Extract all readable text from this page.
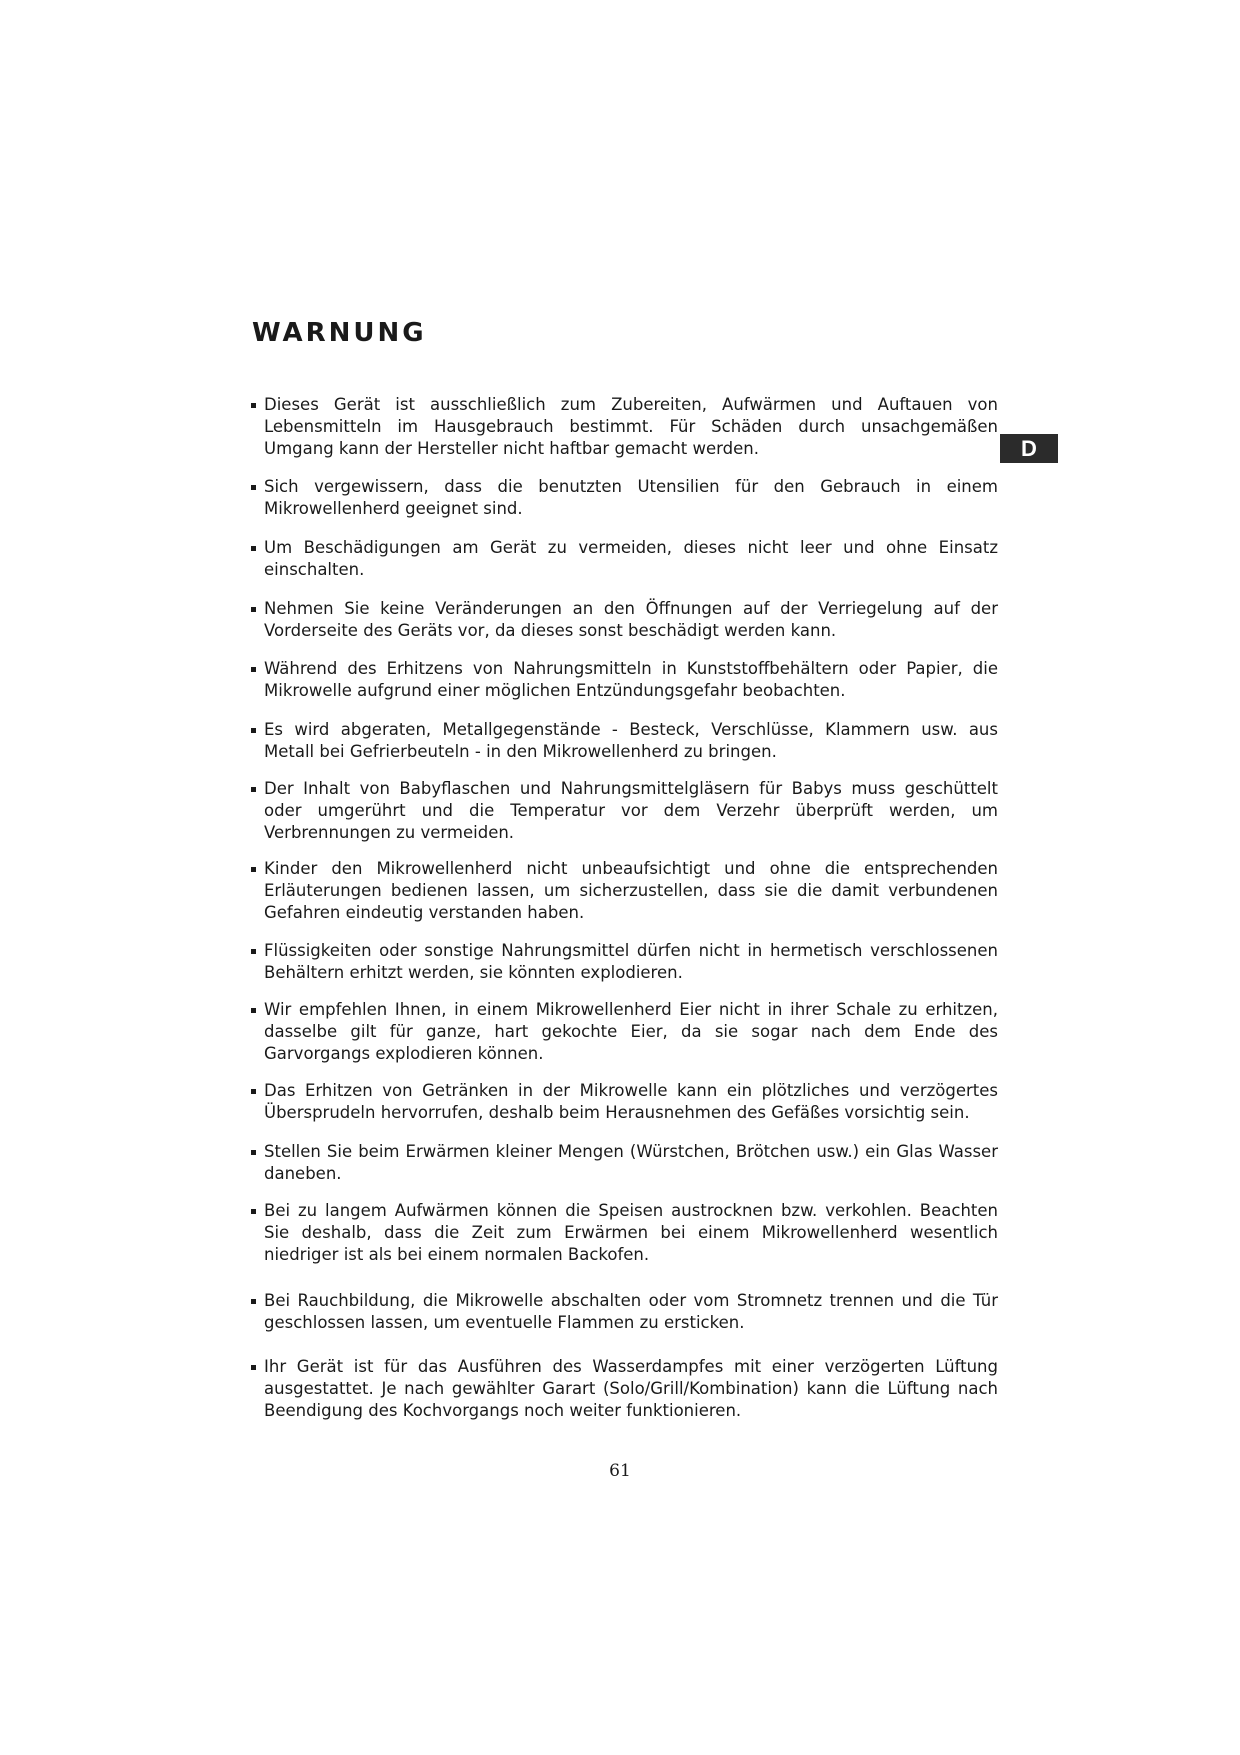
WARNUNG
D
Dieses Gerät ist ausschließlich zum Zubereiten, Aufwärmen und Auftauen von Lebensmitteln im Hausgebrauch bestimmt. Für Schäden durch unsachgemäßen Umgang kann der Hersteller nicht haftbar gemacht werden.
Sich vergewissern, dass die benutzten Utensilien für den Gebrauch in einem Mikrowellenherd geeignet sind.
Um Beschädigungen am Gerät zu vermeiden, dieses nicht leer und ohne Einsatz einschalten.
Nehmen Sie keine Veränderungen an den Öffnungen auf der Verriegelung auf der Vorderseite des Geräts vor, da dieses sonst beschädigt werden kann.
Während des Erhitzens von Nahrungsmitteln in Kunststoffbehältern oder Papier, die Mikrowelle aufgrund einer möglichen Entzündungsgefahr beobachten.
Es wird abgeraten, Metallgegenstände - Besteck, Verschlüsse, Klammern usw. aus Metall bei Gefrierbeuteln - in den Mikrowellenherd zu bringen.
Der Inhalt von Babyflaschen und Nahrungsmittelgläsern für Babys muss geschüttelt oder umgerührt und die Temperatur vor dem Verzehr überprüft werden, um Verbrennungen zu vermeiden.
Kinder den Mikrowellenherd nicht unbeaufsichtigt und ohne die entsprechenden Erläuterungen bedienen lassen, um sicherzustellen, dass sie die damit verbundenen Gefahren eindeutig verstanden haben.
Flüssigkeiten oder sonstige Nahrungsmittel dürfen nicht in hermetisch verschlossenen Behältern erhitzt werden, sie könnten explodieren.
Wir empfehlen Ihnen, in einem Mikrowellenherd Eier nicht in ihrer Schale zu erhitzen, dasselbe gilt für ganze, hart gekochte Eier, da sie sogar nach dem Ende des Garvorgangs explodieren können.
Das Erhitzen von Getränken in der Mikrowelle kann ein plötzliches und verzögertes Übersprudeln hervorrufen, deshalb beim Herausnehmen des Gefäßes vorsichtig sein.
Stellen Sie beim Erwärmen kleiner Mengen (Würstchen, Brötchen usw.) ein Glas Wasser daneben.
Bei zu langem Aufwärmen können die Speisen austrocknen bzw. verkohlen. Beachten Sie deshalb, dass die Zeit zum Erwärmen bei einem Mikrowellenherd wesentlich niedriger ist als bei einem normalen Backofen.
Bei Rauchbildung, die Mikrowelle abschalten oder vom Stromnetz trennen und die Tür geschlossen lassen, um eventuelle Flammen zu ersticken.
Ihr Gerät ist für das Ausführen des Wasserdampfes mit einer verzögerten Lüftung ausgestattet. Je nach gewählter Garart (Solo/Grill/Kombination) kann die Lüftung nach Beendigung des Kochvorgangs noch weiter funktionieren.
61
